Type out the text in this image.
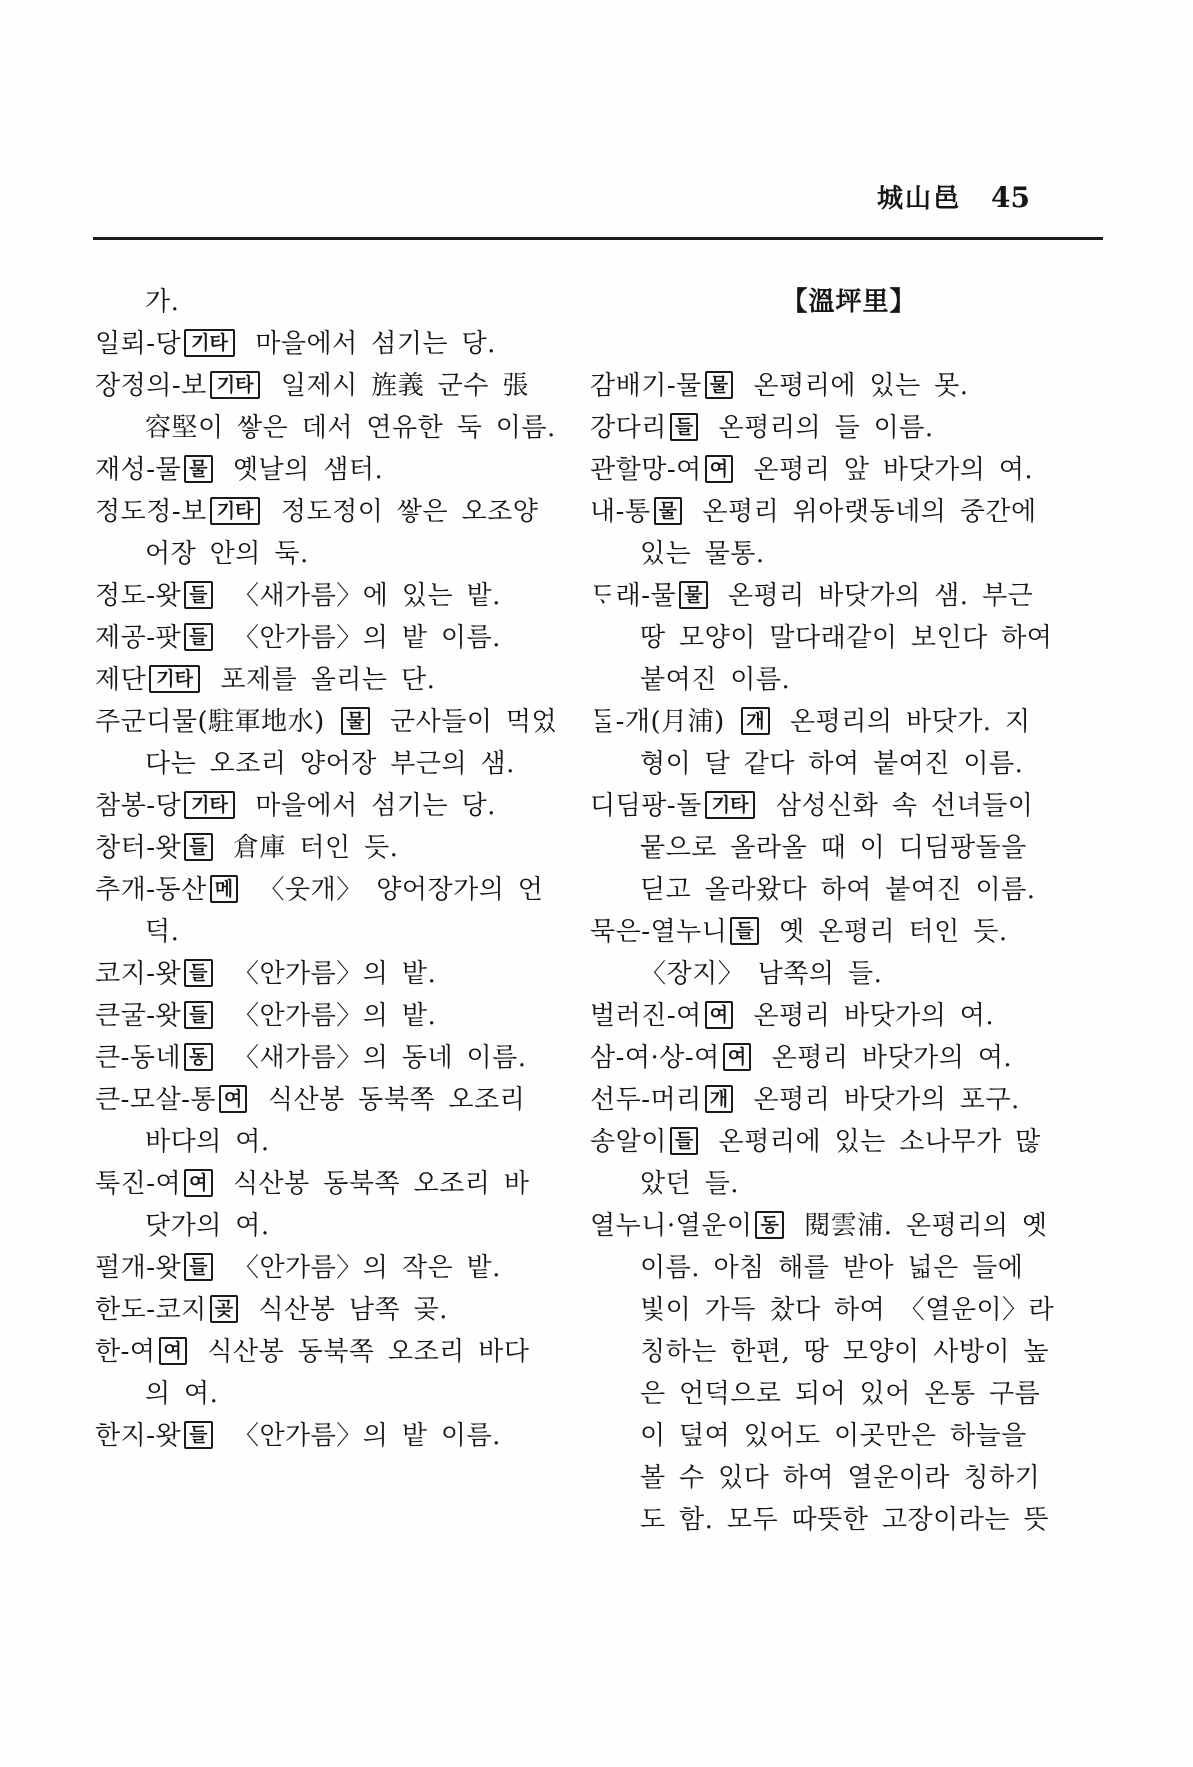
城山邑 45
가.
일뢰-당 기타 마을에서 섬기는 당.
장정의-보 기타 일제시 旌義 군수 張
容堅이 쌓은 데서 연유한 둑 이름.
재성-물 물 옛날의 샘터.
정도정-보 기타 정도정이 쌓은 오조양
어장 안의 둑.
정도-왓 들 〈새가름〉에 있는 밭.
제공-팟 들 〈안가름〉의 밭 이름.
제단 기타 포제를 올리는 단.
주군디물(駐軍地水) 물 군사들이 먹었
다는 오조리 양어장 부근의 샘.
참봉-당 기타 마을에서 섬기는 당.
창터-왓 들 倉庫 터인 듯.
추개-동산 메 〈웃개〉 양어장가의 언
덕.
코지-왓 들 〈안가름〉의 밭.
큰굴-왓 들 〈안가름〉의 밭.
큰-동네 동 〈새가름〉의 동네 이름.
큰-모살-통 여 식산봉 동북쪽 오조리
바다의 여.
툭진-여 여 식산봉 동북쪽 오조리 바
닷가의 여.
펄개-왓 들 〈안가름〉의 작은 밭.
한도-코지 곶 식산봉 남쪽 곶.
한-여 여 식산봉 동북쪽 오조리 바다
의 여.
한지-왓 들 〈안가름〉의 밭 이름.
【溫坪里】
감배기-물 물 온평리에 있는 못.
강다리 들 온평리의 들 이름.
관할망-여 여 온평리 앞 바닷가의 여.
내-통 물 온평리 위아랫동네의 중간에
있는 물통.
ᄃᆞ래-물 물 온평리 바닷가의 샘. 부근
땅 모양이 말다래같이 보인다 하여
붙여진 이름.
ᄃᆞᆯ-개(月浦) 개 온평리의 바닷가. 지
형이 달 같다 하여 붙여진 이름.
디딤팡-돌 기타 삼성신화 속 선녀들이
뭍으로 올라올 때 이 디딤팡돌을
딛고 올라왔다 하여 붙여진 이름.
묵은-열누니 들 옛 온평리 터인 듯.
〈장지〉 남쪽의 들.
벌러진-여 여 온평리 바닷가의 여.
삼-여·상-여 여 온평리 바닷가의 여.
선두-머리 개 온평리 바닷가의 포구.
송알이 들 온평리에 있는 소나무가 많
았던 들.
열누니·열운이 동 閱雲浦. 온평리의 옛
이름. 아침 해를 받아 넓은 들에
빛이 가득 찼다 하여 〈열운이〉라
칭하는 한편, 땅 모양이 사방이 높
은 언덕으로 되어 있어 온통 구름
이 덮여 있어도 이곳만은 하늘을
볼 수 있다 하여 열운이라 칭하기
도 함. 모두 따뜻한 고장이라는 뜻
